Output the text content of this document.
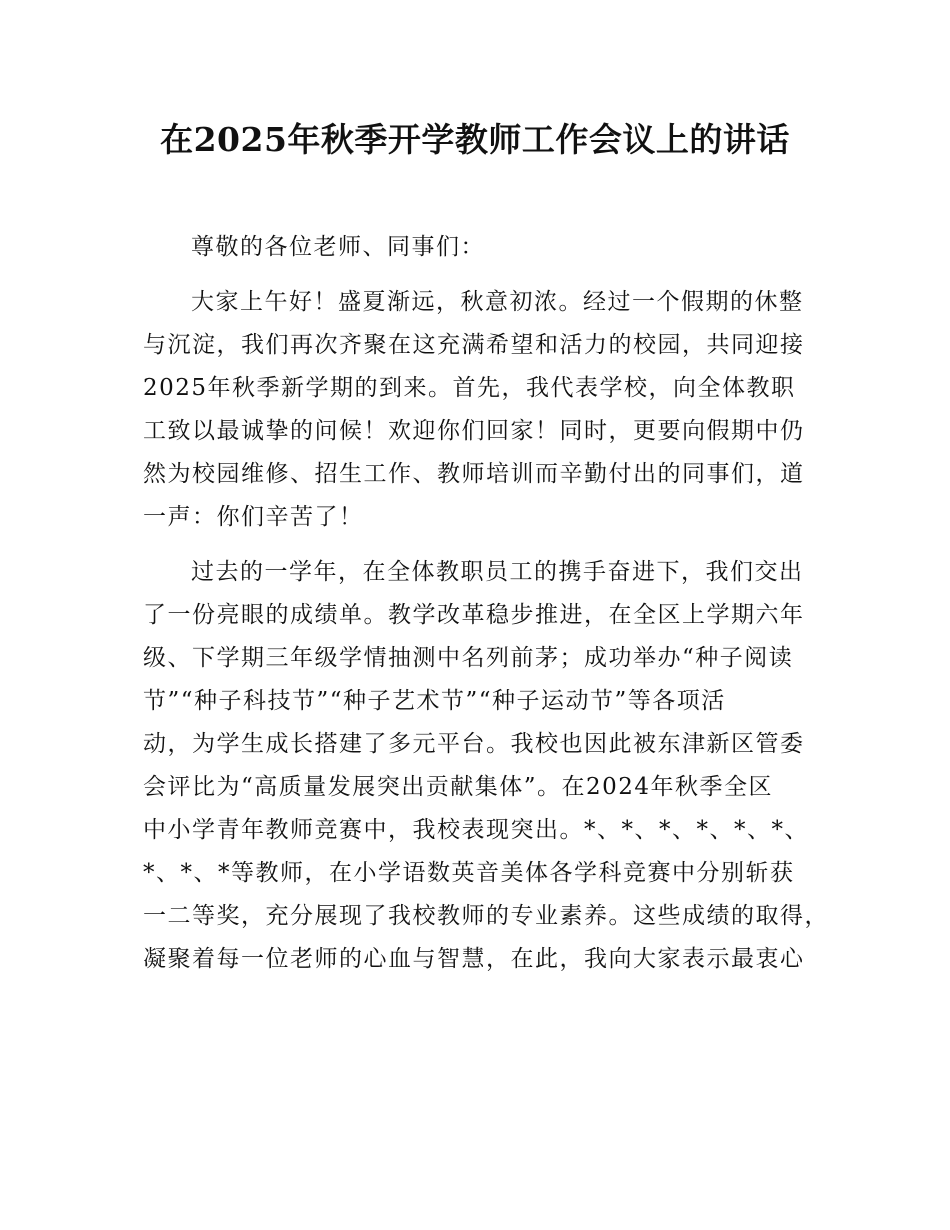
在2025年秋季开学教师工作会议上的讲话

尊敬的各位老师、同事们：

大家上午好！盛夏渐远，秋意初浓。经过一个假期的休整
与沉淀，我们再次齐聚在这充满希望和活力的校园，共同迎接
2025年秋季新学期的到来。首先，我代表学校，向全体教职
工致以最诚挚的问候！欢迎你们回家！同时，更要向假期中仍
然为校园维修、招生工作、教师培训而辛勤付出的同事们，道
一声：你们辛苦了！

过去的一学年，在全体教职员工的携手奋进下，我们交出
了一份亮眼的成绩单。教学改革稳步推进，在全区上学期六年
级、下学期三年级学情抽测中名列前茅；成功举办“种子阅读
节”“种子科技节”“种子艺术节”“种子运动节”等各项活
动，为学生成长搭建了多元平台。我校也因此被东津新区管委
会评比为“高质量发展突出贡献集体”。在2024年秋季全区
中小学青年教师竞赛中，我校表现突出。*、*、*、*、*、*、
*、*、*等教师，在小学语数英音美体各学科竞赛中分别斩获
一二等奖，充分展现了我校教师的专业素养。这些成绩的取得，
凝聚着每一位老师的心血与智慧，在此，我向大家表示最衷心
